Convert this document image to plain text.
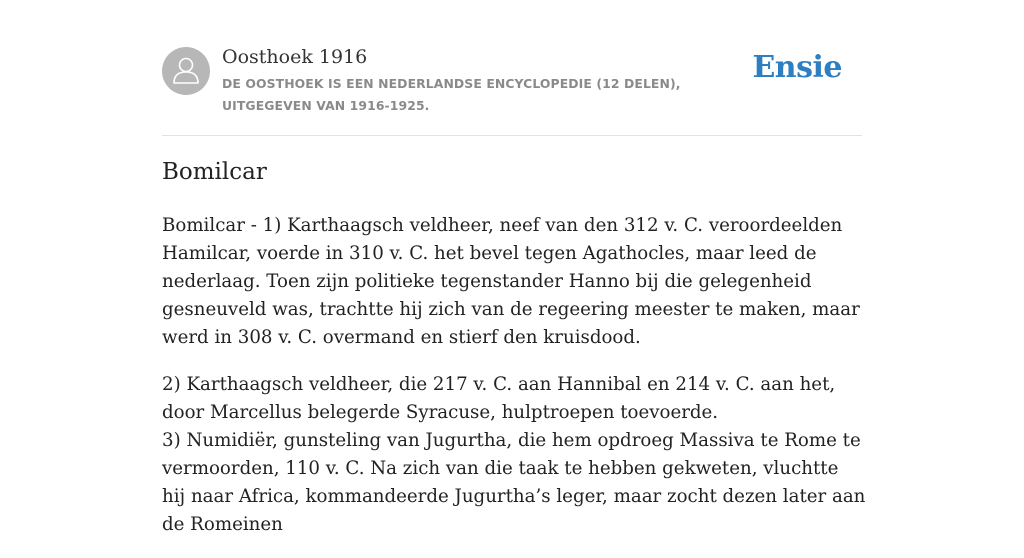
Oosthoek 1916

DE OOSTHOEK IS EEN NEDERLANDSE ENCYCLOPEDIE (12 DELEN), UITGEGEVEN VAN 1916-1925.

Ensie
Bomilcar

Bomilcar - 1) Karthaagsch veldheer, neef van den 312 v. C. veroordeelden Hamilcar, voerde in 310 v. C. het bevel tegen Agathocles, maar leed de nederlaag. Toen zijn politieke tegenstander Hanno bij die gelegenheid gesneuveld was, trachtte hij zich van de regeering meester te maken, maar werd in 308 v. C. overmand en stierf den kruisdood.

2) Karthaagsch veldheer, die 217 v. C. aan Hannibal en 214 v. C. aan het, door Marcellus belegerde Syracuse, hulptroepen toevoerde.

3) Numidiër, gunsteling van Jugurtha, die hem opdroeg Massiva te Rome te vermoorden, 110 v. C. Na zich van die taak te hebben gekweten, vluchtte hij naar Africa, kommandeerde Jugurtha’s leger, maar zocht dezen later aan de Romeinen
